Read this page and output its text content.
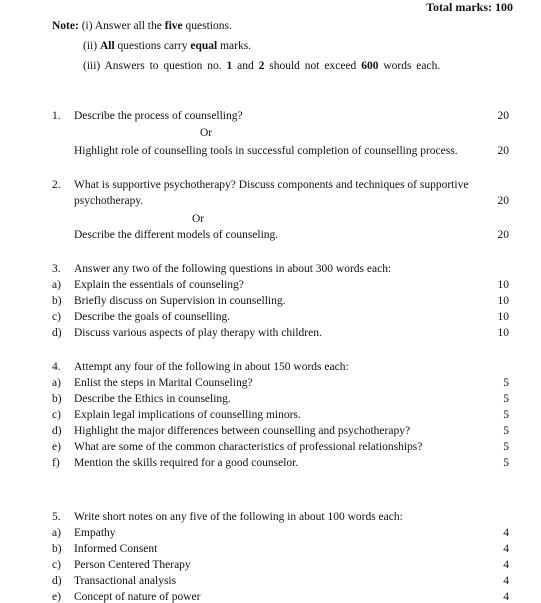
Total marks: 100
Note: (i) Answer all the five questions.
(ii) All questions carry equal marks.
(iii) Answers to question no. 1 and 2 should not exceed 600 words each.
1. Describe the process of counselling?	20
Or
Highlight role of counselling tools in successful completion of counselling process.	20
2. What is supportive psychotherapy? Discuss components and techniques of supportive
psychotherapy.	20
Or
Describe the different models of counseling.	20
3. Answer any two of the following questions in about 300 words each:
a) Explain the essentials of counseling?	10
b) Briefly discuss on Supervision in counselling.	10
c) Describe the goals of counselling.	10
d) Discuss various aspects of play therapy with children.	10
4. Attempt any four of the following in about 150 words each:
a) Enlist the steps in Marital Counseling?	5
b) Describe the Ethics in counseling.	5
c) Explain legal implications of counselling minors.	5
d) Highlight the major differences between counselling and psychotherapy?	5
e) What are some of the common characteristics of professional relationships?	5
f) Mention the skills required for a good counselor.	5
5. Write short notes on any five of the following in about 100 words each:
a) Empathy	4
b) Informed Consent	4
c) Person Centered Therapy	4
d) Transactional analysis	4
e) Concept of nature of power	4
